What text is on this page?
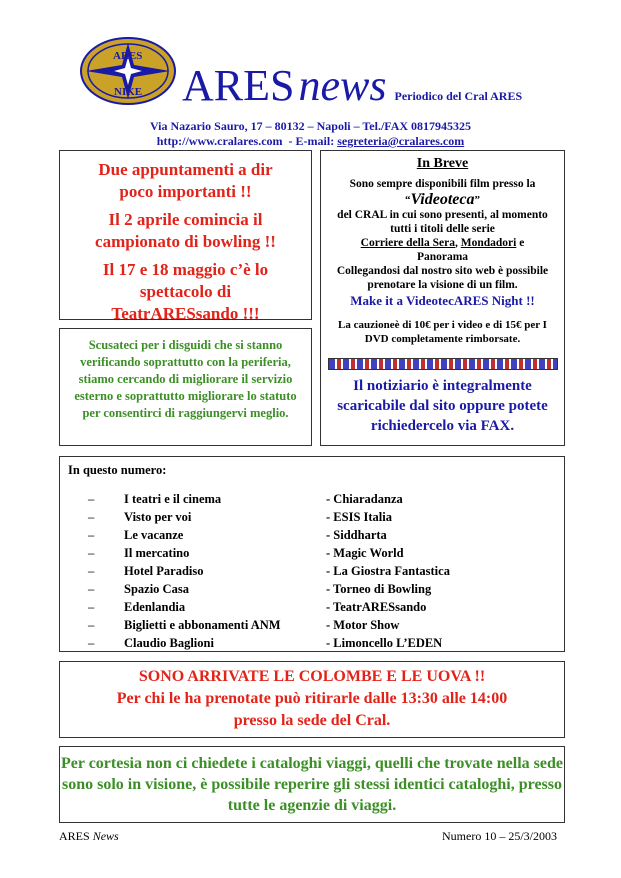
ARES
NIKE ARES news Periodico del Cral ARES
Via Nazario Sauro, 17 – 80132 – Napoli – Tel./FAX 0817945325
http://www.cralares.com  - E-mail: segreteria@cralares.com

Due appuntamenti a dir

poco importanti !!

Il 2 aprile comincia il

campionato di bowling !!

Il 17 e 18 maggio c’è lo

spettacolo di

TeatrARESsando !!!

Scusateci per i disguidi che si stanno verificando soprattutto con la periferia, stiamo cercando di migliorare il servizio esterno e soprattutto migliorare lo statuto per consentirci di raggiungervi meglio.
In Breve
Sono sempre disponibili film presso la
“Videoteca”
del CRAL in cui sono presenti, al momento tutti i titoli delle serie
Corriere della Sera, Mondadori e
Panorama
Collegandosi dal nostro sito web è possibile prenotare la visione di un film.
Make it a VideotecARES Night !!
La cauzioneè di 10€ per i video e di 15€ per I DVD completamente rimborsate.
Il notiziario è integralmente scaricabile dal sito oppure potete richiedercelo via FAX.
In questo numero:
– I teatri e il cinema
– Visto per voi
– Le vacanze
– Il mercatino
– Hotel Paradiso
– Spazio Casa
– Edenlandia
– Biglietti e abbonamenti ANM
– Claudio Baglioni
- Chiaradanza
- ESIS Italia
- Siddharta
- Magic World
- La Giostra Fantastica
- Torneo di Bowling
- TeatrARESsando
- Motor Show
- Limoncello L’EDEN
SONO ARRIVATE LE COLOMBE E LE UOVA !!
Per chi le ha prenotate può ritirarle dalle 13:30 alle 14:00
presso la sede del Cral.
Per cortesia non ci chiedete i cataloghi viaggi, quelli che trovate nella sede sono solo in visione, è possibile reperire gli stessi identici cataloghi, presso tutte le agenzie di viaggi.
ARES News	Numero 10 – 25/3/2003
